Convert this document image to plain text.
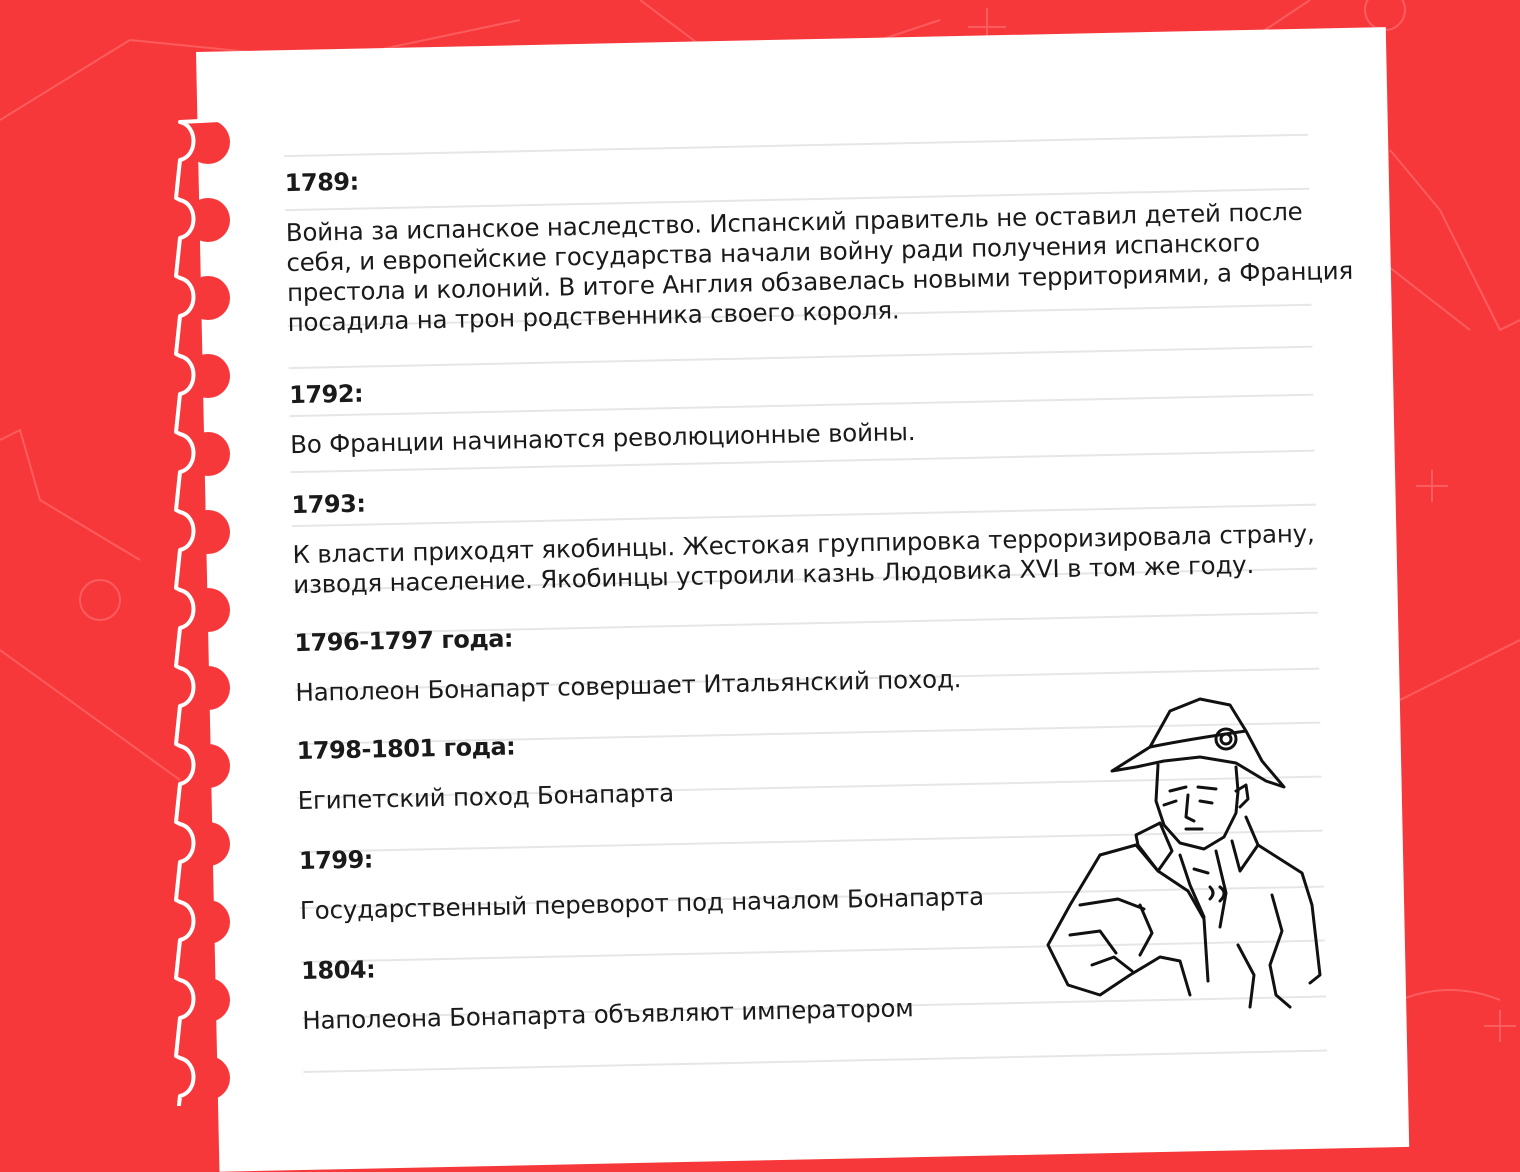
1789:
Война за испанское наследство. Испанский правитель не оставил детей после себя, и европейские государства начали войну ради получения испанского престола и колоний. В итоге Англия обзавелась новыми территориями, а Франция посадила на трон родственника своего короля.
1792:
Во Франции начинаются революционные войны.
1793:
К власти приходят якобинцы. Жестокая группировка терроризировала страну, изводя население. Якобинцы устроили казнь Людовика XVI в том же году.
1796-1797 года:
Наполеон Бонапарт совершает Итальянский поход.
1798-1801 года:
Египетский поход Бонапарта
1799:
Государственный переворот под началом Бонапарта
1804:
Наполеона Бонапарта объявляют императором
